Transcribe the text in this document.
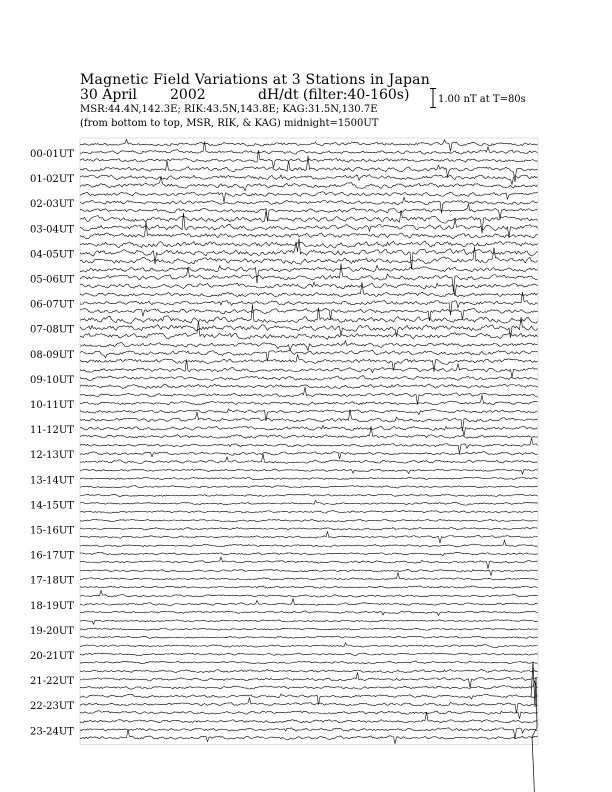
Magnetic Field Variations at 3 Stations in Japan
30 April 2002	dH/dt (filter:40-160s)
MSR:44.4N,142.3E; RIK:43.5N,143.8E; KAG:31.5N,130.7E
(from bottom to top, MSR, RIK, & KAG) midnight=1500UT
1.00 nT at T=80s
00-01UT
01-02UT
02-03UT
03-04UT
04-05UT
05-06UT
06-07UT
07-08UT
08-09UT
09-10UT
10-11UT
11-12UT
12-13UT
13-14UT
14-15UT
15-16UT
16-17UT
17-18UT
18-19UT
19-20UT
20-21UT
21-22UT
22-23UT
23-24UT
